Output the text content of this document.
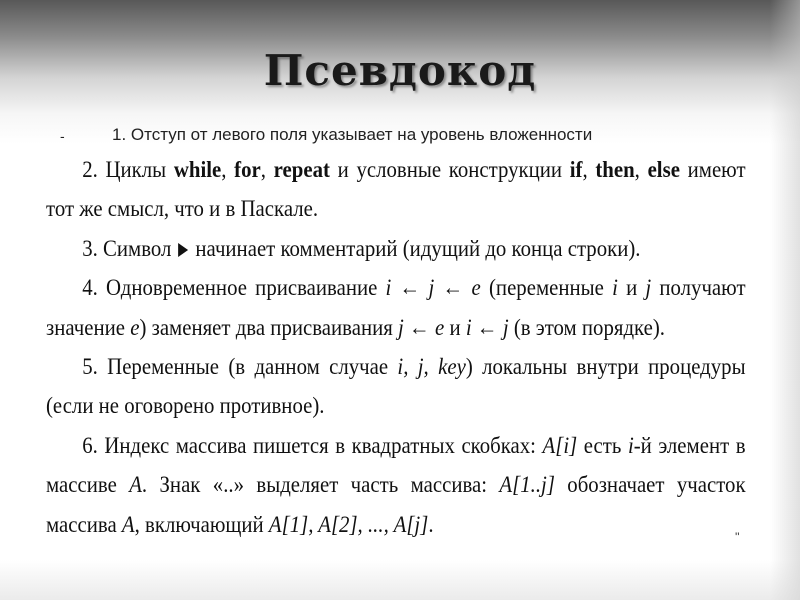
Псевдокод
-	1. Отступ от левого поля указывает на уровень вложенности

2. Циклы while, for, repeat и условные конструкции if, then, else имеют тот же смысл, что и в Паскале.

3. Символ начинает комментарий (идущий до конца строки).

4. Одновременное присваивание i ← j ← e (переменные i и j получают значение e) заменяет два присваивания j ← e и i ← j (в этом порядке).

5. Переменные (в данном случае i, j, key) локальны внутри процедуры (если не оговорено противное).

6. Индекс массива пишется в квадратных скобках: A[i] есть i-й элемент в массиве A. Знак «..» выделяет часть массива: A[1..j] обозначает участок массива A, включающий A[1], A[2], ..., A[j].

''
